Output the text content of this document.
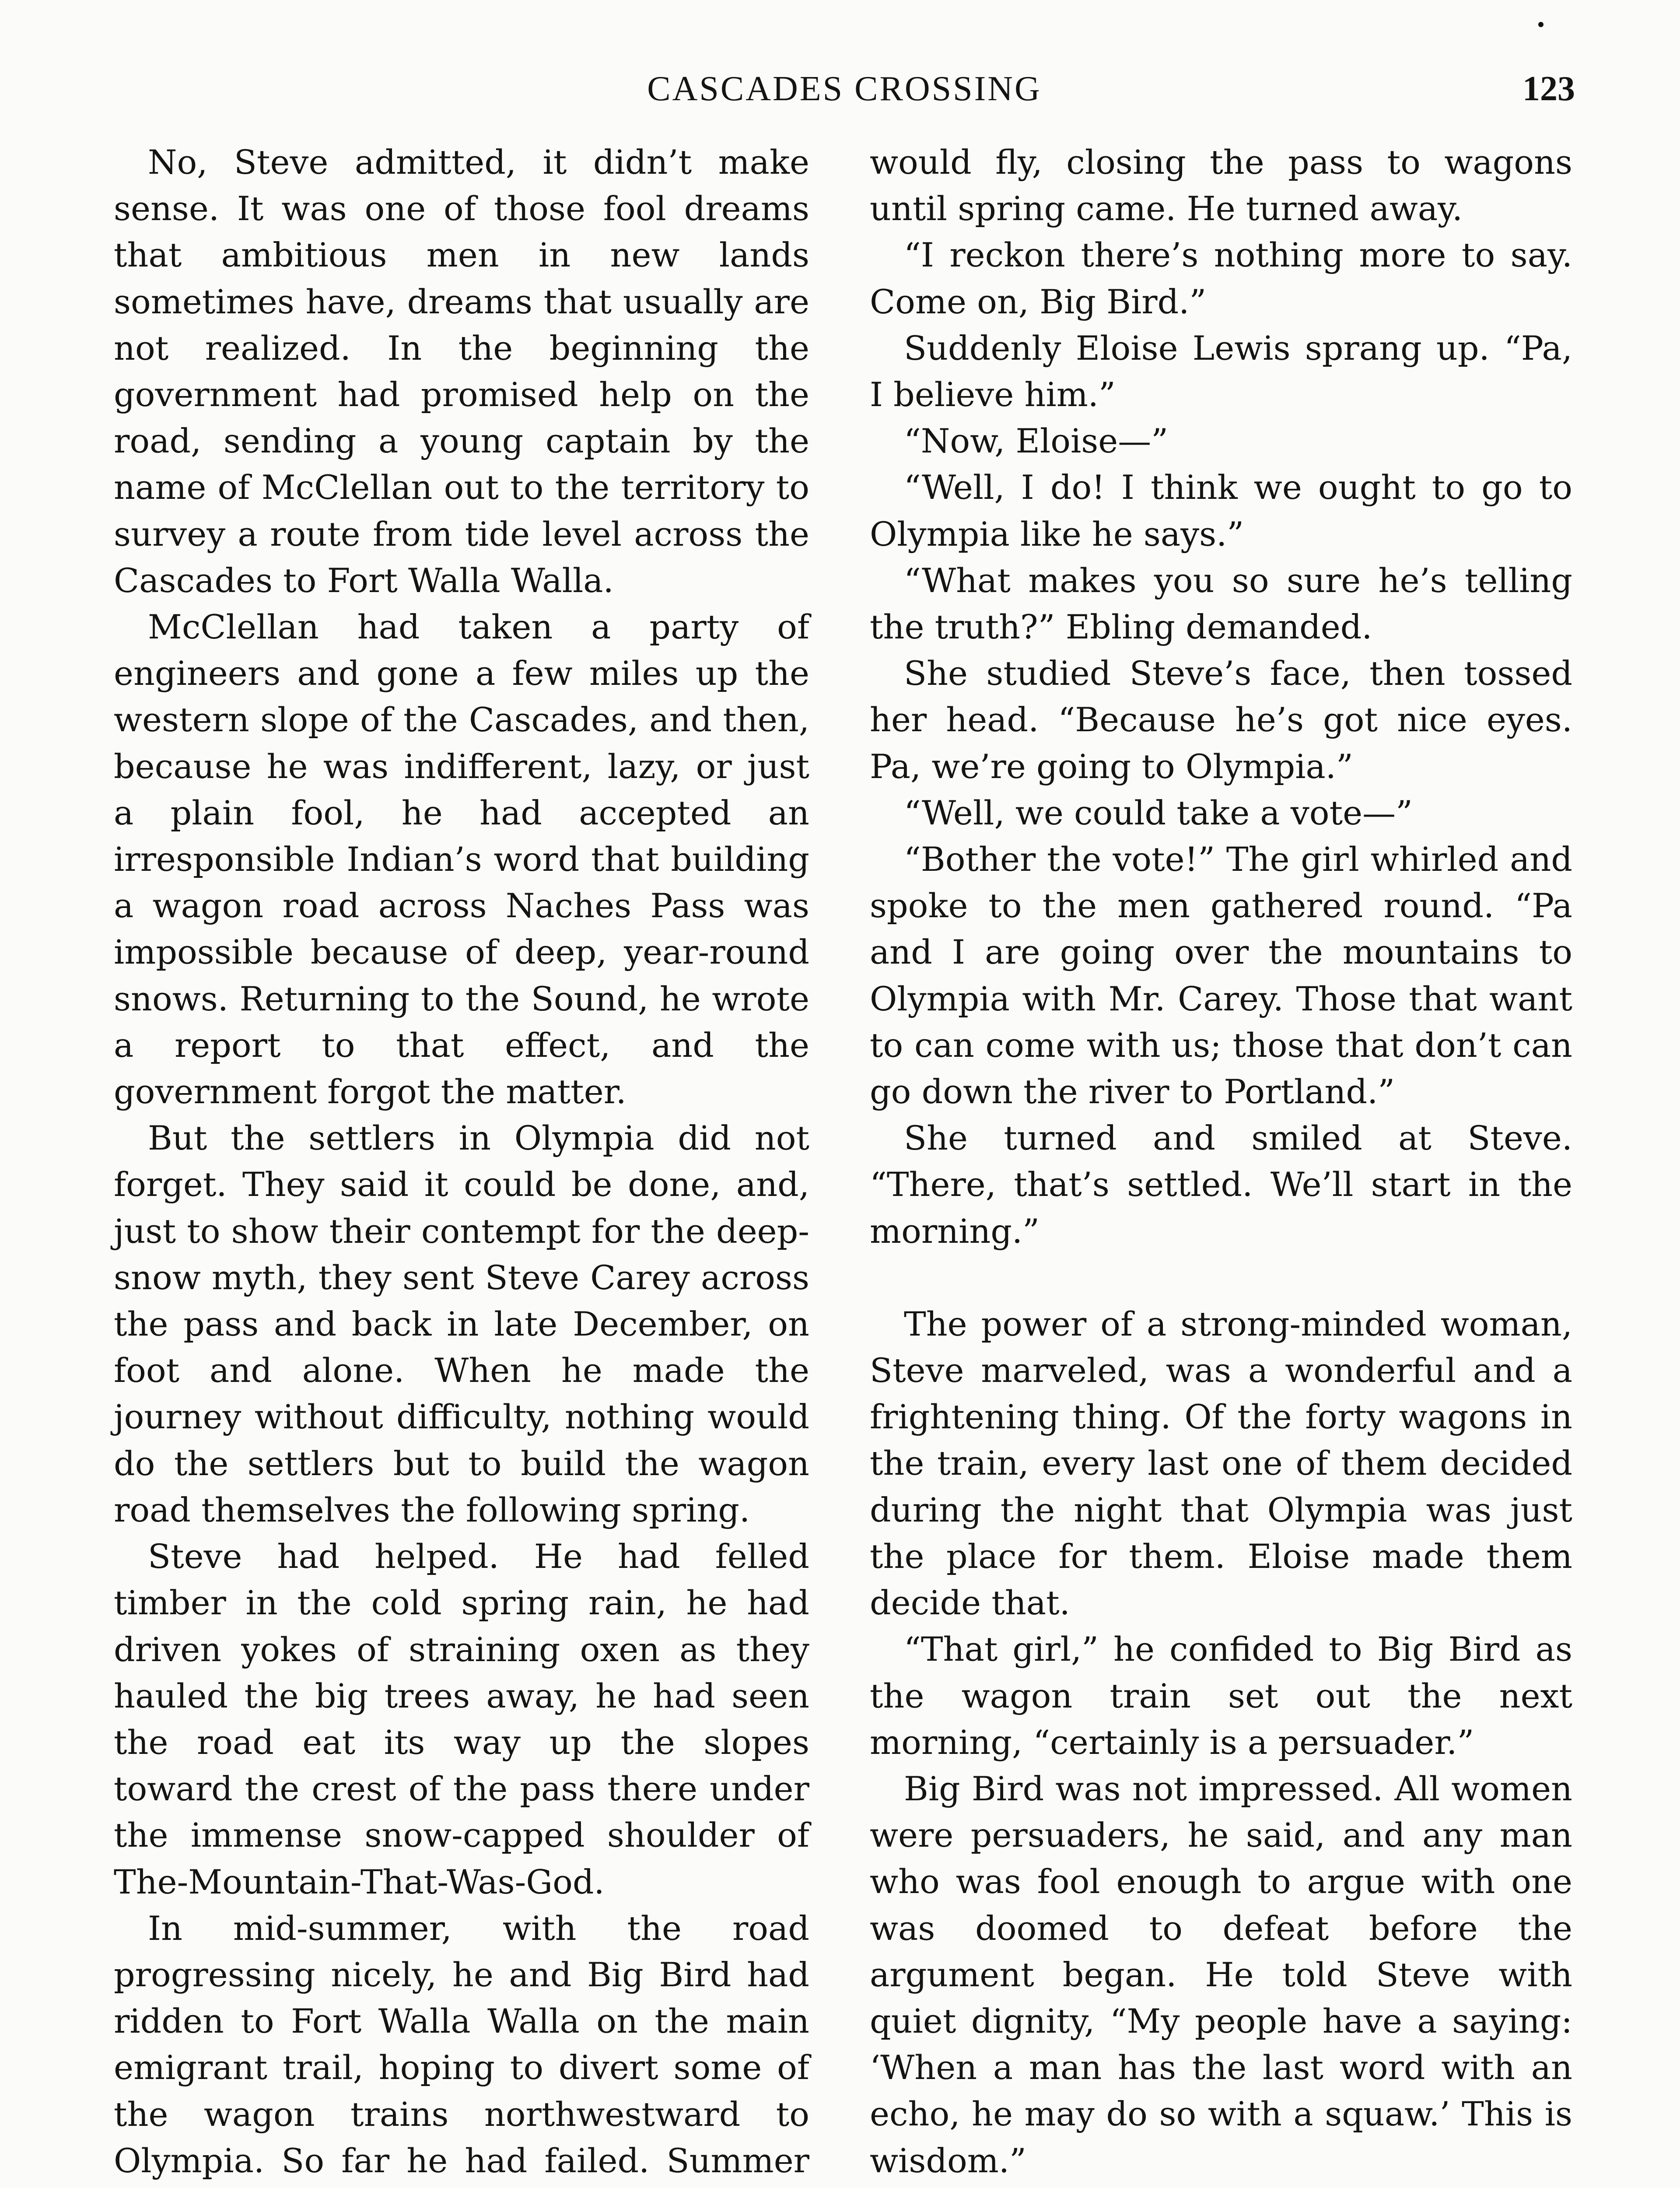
CASCADES CROSSING	123

No, Steve admitted, it didn’t make sense. It was one of those fool dreams that ambitious men in new lands sometimes have, dreams that usually are not realized. In the beginning the government had promised help on the road, sending a young captain by the name of McClellan out to the territory to survey a route from tide level across the Cascades to Fort Walla Walla.

McClellan had taken a party of engineers and gone a few miles up the western slope of the Cascades, and then, because he was indifferent, lazy, or just a plain fool, he had accepted an irresponsible Indian’s word that building a wagon road across Naches Pass was impossible because of deep, year-round snows. Returning to the Sound, he wrote a report to that effect, and the government forgot the matter.

But the settlers in Olympia did not forget. They said it could be done, and, just to show their contempt for the deep-snow myth, they sent Steve Carey across the pass and back in late December, on foot and alone. When he made the journey without difficulty, nothing would do the settlers but to build the wagon road themselves the following spring.

Steve had helped. He had felled timber in the cold spring rain, he had driven yokes of straining oxen as they hauled the big trees away, he had seen the road eat its way up the slopes toward the crest of the pass there under the immense snow-capped shoulder of The-Mountain-That-Was-God.

In mid-summer, with the road progressing nicely, he and Big Bird had ridden to Fort Walla Walla on the main emigrant trail, hoping to divert some of the wagon trains northwestward to Olympia. So far he had failed. Summer

would fly, closing the pass to wagons until spring came. He turned away.

“I reckon there’s nothing more to say. Come on, Big Bird.”

Suddenly Eloise Lewis sprang up. “Pa, I believe him.”

“Now, Eloise—”

“Well, I do! I think we ought to go to Olympia like he says.”

“What makes you so sure he’s telling the truth?” Ebling demanded.

She studied Steve’s face, then tossed her head. “Because he’s got nice eyes. Pa, we’re going to Olympia.”

“Well, we could take a vote—”

“Bother the vote!” The girl whirled and spoke to the men gathered round. “Pa and I are going over the mountains to Olympia with Mr. Carey. Those that want to can come with us; those that don’t can go down the river to Portland.”

She turned and smiled at Steve. “There, that’s settled. We’ll start in the morning.”

The power of a strong-minded woman, Steve marveled, was a wonderful and a frightening thing. Of the forty wagons in the train, every last one of them decided during the night that Olympia was just the place for them. Eloise made them decide that.

“That girl,” he confided to Big Bird as the wagon train set out the next morning, “certainly is a persuader.”

Big Bird was not impressed. All women were persuaders, he said, and any man who was fool enough to argue with one was doomed to defeat before the argument began. He told Steve with quiet dignity, “My people have a saying: ‘When a man has the last word with an echo, he may do so with a squaw.’ This is wisdom.”
